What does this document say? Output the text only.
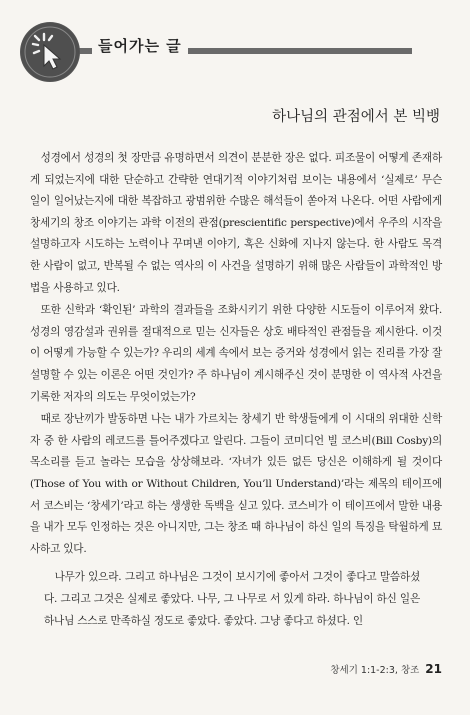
들어가는 글
하나님의 관점에서 본 빅뱅

성경에서 성경의 첫 장만큼 유명하면서 의견이 분분한 장은 없다. 피조물이 어떻게 존재하게 되었는지에 대한 단순하고 간략한 연대기적 이야기처럼 보이는 내용에서 ‘실제로’ 무슨 일이 일어났는지에 대한 복잡하고 광범위한 수많은 해석들이 쏟아져 나온다. 어떤 사람에게 창세기의 창조 이야기는 과학 이전의 관점(prescientific perspective)에서 우주의 시작을 설명하고자 시도하는 노력이나 꾸며낸 이야기, 혹은 신화에 지나지 않는다. 한 사람도 목격한 사람이 없고, 반복될 수 없는 역사의 이 사건을 설명하기 위해 많은 사람들이 과학적인 방법을 사용하고 있다.

또한 신학과 ‘확인된’ 과학의 결과들을 조화시키기 위한 다양한 시도들이 이루어져 왔다. 성경의 영감설과 권위를 절대적으로 믿는 신자들은 상호 배타적인 관점들을 제시한다. 이것이 어떻게 가능할 수 있는가? 우리의 세계 속에서 보는 증거와 성경에서 읽는 진리를 가장 잘 설명할 수 있는 이론은 어떤 것인가? 주 하나님이 계시해주신 것이 분명한 이 역사적 사건을 기록한 저자의 의도는 무엇이었는가?

때로 장난끼가 발동하면 나는 내가 가르치는 창세기 반 학생들에게 이 시대의 위대한 신학자 중 한 사람의 레코드를 틀어주겠다고 알린다. 그들이 코미디언 빌 코스비(Bill Cosby)의 목소리를 듣고 놀라는 모습을 상상해보라. ‘자녀가 있든 없든 당신은 이해하게 될 것이다(Those of You with or Without Children, You’ll Understand)’라는 제목의 테이프에서 코스비는 ‘창세기’라고 하는 생생한 독백을 싣고 있다. 코스비가 이 테이프에서 말한 내용을 내가 모두 인정하는 것은 아니지만, 그는 창조 때 하나님이 하신 일의 특징을 탁월하게 묘사하고 있다.

나무가 있으라. 그리고 하나님은 그것이 보시기에 좋아서 그것이 좋다고 말씀하셨다. 그리고 그것은 실제로 좋았다. 나무, 그 나무로 서 있게 하라. 하나님이 하신 일은 하나님 스스로 만족하실 정도로 좋았다. 좋았다. 그냥 좋다고 하셨다. 인

창세기 1:1-2:3, 창조 21
